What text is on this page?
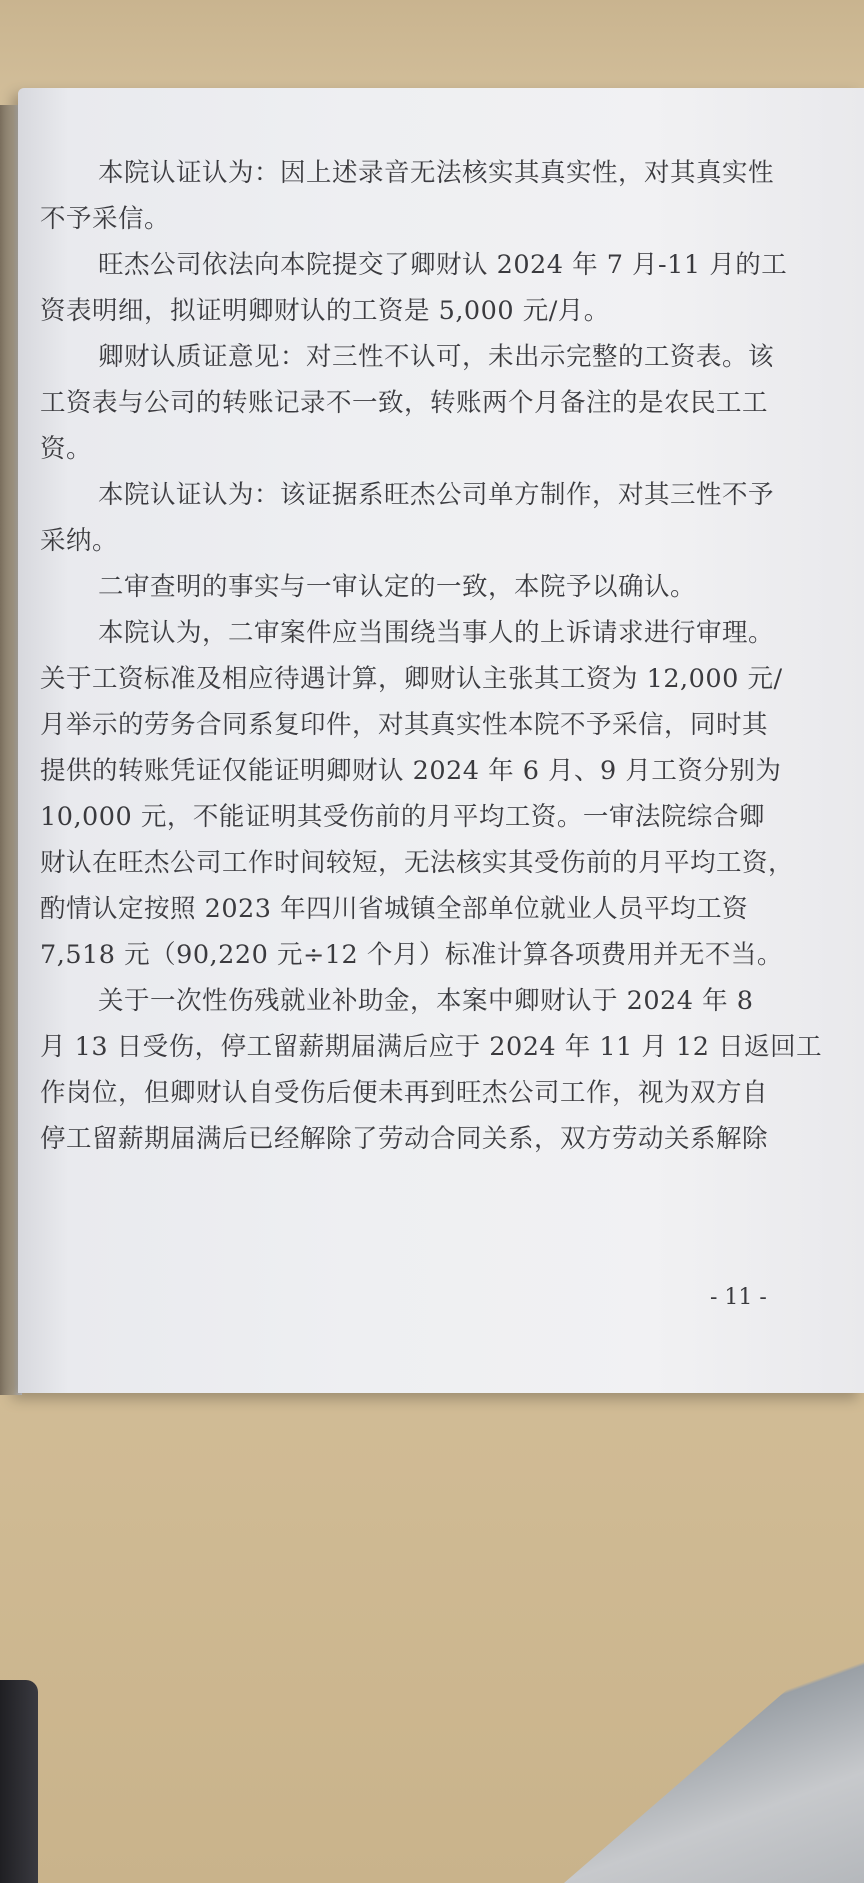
本院认证认为：因上述录音无法核实其真实性，对其真实性
不予采信。
旺杰公司依法向本院提交了卿财认 2024 年 7 月-11 月的工
资表明细，拟证明卿财认的工资是 5,000 元/月。
卿财认质证意见：对三性不认可，未出示完整的工资表。该
工资表与公司的转账记录不一致，转账两个月备注的是农民工工
资。
本院认证认为：该证据系旺杰公司单方制作，对其三性不予
采纳。
二审查明的事实与一审认定的一致，本院予以确认。
本院认为，二审案件应当围绕当事人的上诉请求进行审理。
关于工资标准及相应待遇计算，卿财认主张其工资为 12,000 元/
月举示的劳务合同系复印件，对其真实性本院不予采信，同时其
提供的转账凭证仅能证明卿财认 2024 年 6 月、9 月工资分别为
10,000 元，不能证明其受伤前的月平均工资。一审法院综合卿
财认在旺杰公司工作时间较短，无法核实其受伤前的月平均工资，
酌情认定按照 2023 年四川省城镇全部单位就业人员平均工资
7,518 元（90,220 元÷12 个月）标准计算各项费用并无不当。
关于一次性伤残就业补助金，本案中卿财认于 2024 年 8
月 13 日受伤，停工留薪期届满后应于 2024 年 11 月 12 日返回工
作岗位，但卿财认自受伤后便未再到旺杰公司工作，视为双方自
停工留薪期届满后已经解除了劳动合同关系，双方劳动关系解除
- 11 -
